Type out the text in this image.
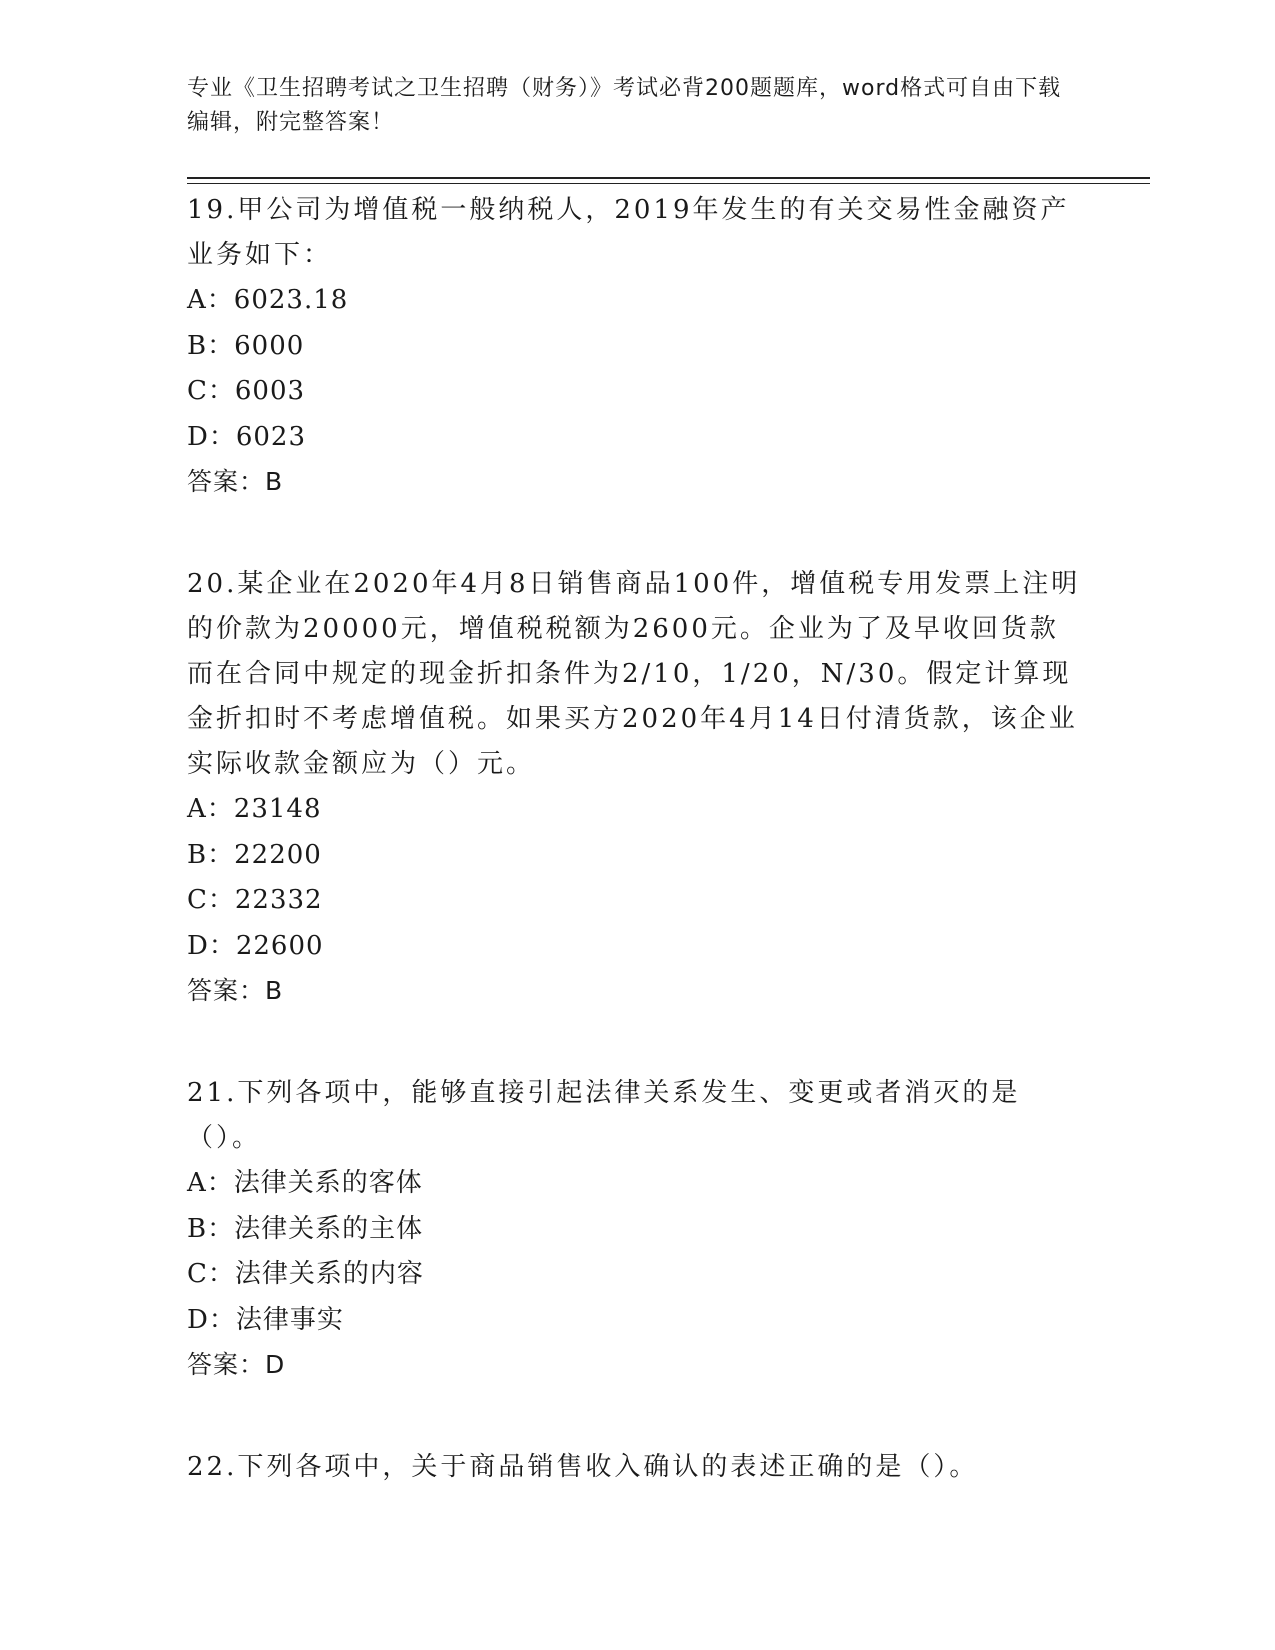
专业《卫生招聘考试之卫生招聘（财务）》考试必背200题题库，word格式可自由下载编辑，附完整答案！

19.甲公司为增值税一般纳税人，2019年发生的有关交易性金融资产业务如下：

A：6023.18

B：6000

C：6003

D：6023

答案：B

20.某企业在2020年4月8日销售商品100件，增值税专用发票上注明的价款为20000元，增值税税额为2600元。企业为了及早收回货款而在合同中规定的现金折扣条件为2/10，1/20，N/30。假定计算现金折扣时不考虑增值税。如果买方2020年4月14日付清货款，该企业实际收款金额应为（）元。

A：23148

B：22200

C：22332

D：22600

答案：B

21.下列各项中，能够直接引起法律关系发生、变更或者消灭的是（）。

A：法律关系的客体

B：法律关系的主体

C：法律关系的内容

D：法律事实

答案：D

22.下列各项中，关于商品销售收入确认的表述正确的是（）。
